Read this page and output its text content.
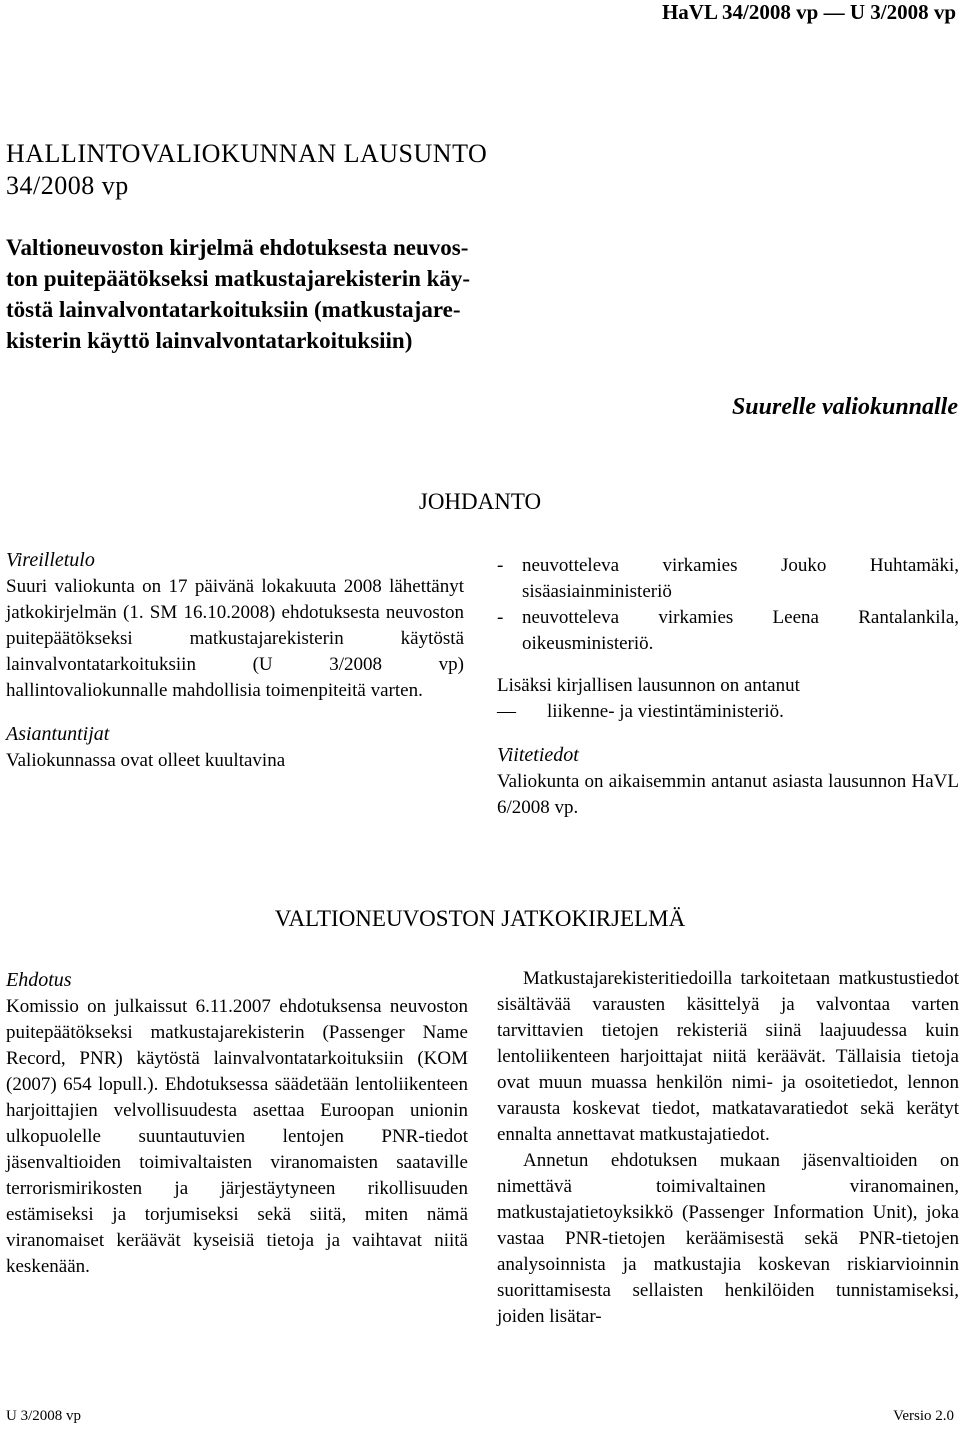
HaVL 34/2008 vp — U 3/2008 vp
HALLINTOVALIOKUNNAN LAUSUNTO
34/2008 vp
Valtioneuvoston kirjelmä ehdotuksesta neuvos-
ton puitepäätökseksi matkustajarekisterin käy-
töstä lainvalvontatarkoituksiin (matkustajare-
kisterin käyttö lainvalvontatarkoituksiin)
Suurelle valiokunnalle
JOHDANTO

Vireilletulo

Suuri valiokunta on 17 päivänä lokakuuta 2008 lähettänyt jatkokirjelmän (1. SM 16.10.2008) ehdotuksesta neuvoston puitepäätökseksi matkustajarekisterin käytöstä lainvalvontatarkoituksiin (U 3/2008 vp) hallintovaliokunnalle mahdollisia toimenpiteitä varten.

Asiantuntijat

Valiokunnassa ovat olleet kuultavina

- neuvotteleva virkamies Jouko Huhtamäki, sisäasiainministeriö
- neuvotteleva virkamies Leena Rantalankila, oikeusministeriö.

Lisäksi kirjallisen lausunnon on antanut

—	liikenne- ja viestintäministeriö.

Viitetiedot

Valiokunta on aikaisemmin antanut asiasta lausunnon HaVL 6/2008 vp.

VALTIONEUVOSTON JATKOKIRJELMÄ

Ehdotus

Komissio on julkaissut 6.11.2007 ehdotuksensa neuvoston puitepäätökseksi matkustajarekisterin (Passenger Name Record, PNR) käytöstä lainvalvontatarkoituksiin (KOM (2007) 654 lopull.). Ehdotuksessa säädetään lentoliikenteen harjoittajien velvollisuudesta asettaa Euroopan unionin ulkopuolelle suuntautuvien lentojen PNR-tiedot jäsenvaltioiden toimivaltaisten viranomaisten saataville terrorismirikosten ja järjestäytyneen rikollisuuden estämiseksi ja torjumiseksi sekä siitä, miten nämä viranomaiset keräävät kyseisiä tietoja ja vaihtavat niitä keskenään.

Matkustajarekisteritiedoilla tarkoitetaan matkustustiedot sisältävää varausten käsittelyä ja valvontaa varten tarvittavien tietojen rekisteriä siinä laajuudessa kuin lentoliikenteen harjoittajat niitä keräävät. Tällaisia tietoja ovat muun muassa henkilön nimi- ja osoitetiedot, lennon varausta koskevat tiedot, matkatavaratiedot sekä kerätyt ennalta annettavat matkustajatiedot.

Annetun ehdotuksen mukaan jäsenvaltioiden on nimettävä toimivaltainen viranomainen, matkustajatietoyksikkö (Passenger Information Unit), joka vastaa PNR-tietojen keräämisestä sekä PNR-tietojen analysoinnista ja matkustajia koskevan riskiarvioinnin suorittamisesta sellaisten henkilöiden tunnistamiseksi, joiden lisätar-

U 3/2008 vp	Versio 2.0
